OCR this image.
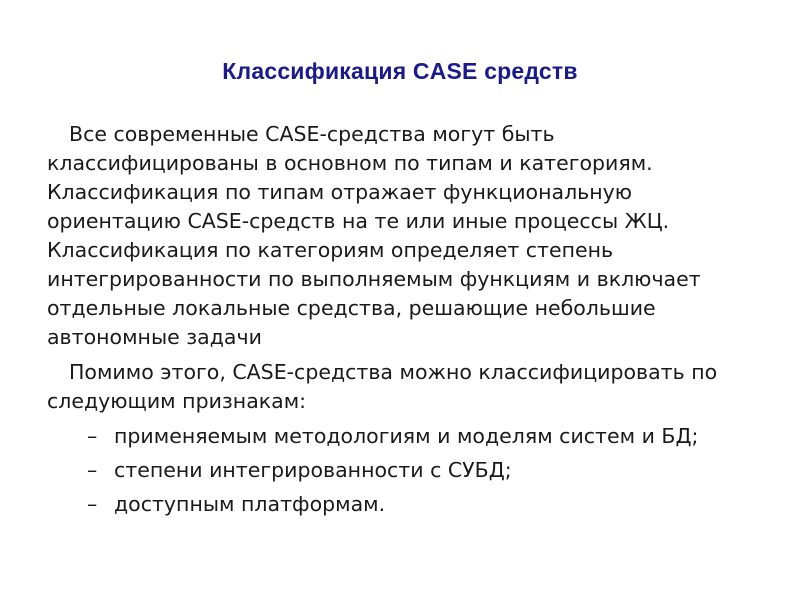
Классификация CASE средств

Все современные CASE-средства могут быть классифицированы в основном по типам и категориям. Классификация по типам отражает функциональную ориентацию CASE-средств на те или иные процессы ЖЦ. Классификация по категориям определяет степень интегрированности по выполняемым функциям и включает отдельные локальные средства, решающие небольшие автономные задачи

Помимо этого, CASE-средства можно классифицировать по следующим признакам:

– применяемым методологиям и моделям систем и БД;
– степени интегрированности с СУБД;
– доступным платформам.
